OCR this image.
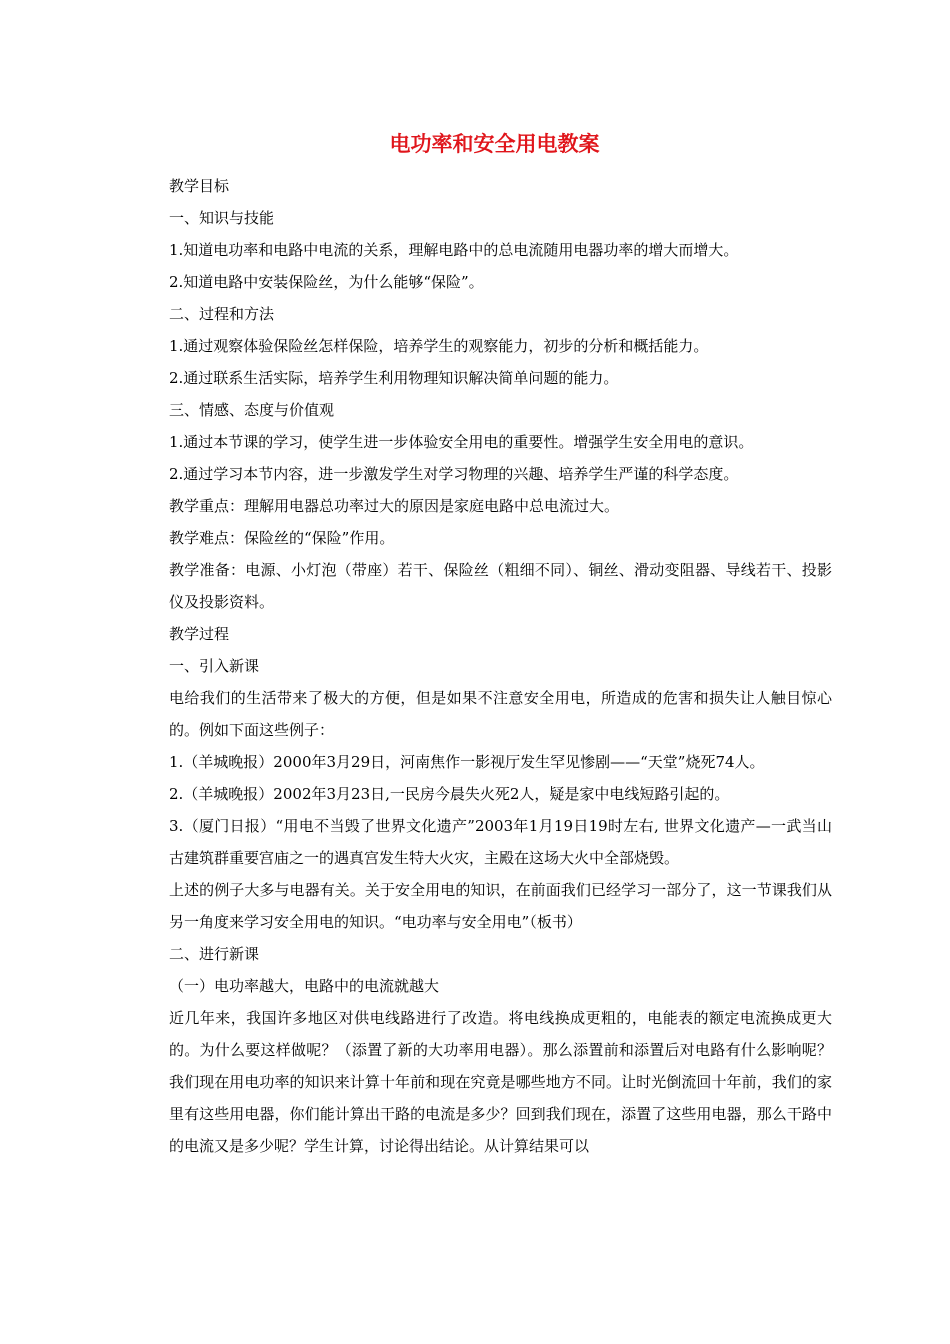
电功率和安全用电教案

教学目标

一、知识与技能

1.知道电功率和电路中电流的关系，理解电路中的总电流随用电器功率的增大而增大。

2.知道电路中安装保险丝，为什么能够“保险”。

二、过程和方法

1.通过观察体验保险丝怎样保险，培养学生的观察能力，初步的分析和概括能力。

2.通过联系生活实际，培养学生利用物理知识解决简单问题的能力。

三、情感、态度与价值观

1.通过本节课的学习，使学生进一步体验安全用电的重要性。增强学生安全用电的意识。

2.通过学习本节内容，进一步激发学生对学习物理的兴趣、培养学生严谨的科学态度。

教学重点：理解用电器总功率过大的原因是家庭电路中总电流过大。

教学难点：保险丝的“保险”作用。

教学准备：电源、小灯泡（带座）若干、保险丝（粗细不同）、铜丝、滑动变阻器、导线若干、投影仪及投影资料。

教学过程

一、引入新课

电给我们的生活带来了极大的方便，但是如果不注意安全用电，所造成的危害和损失让人触目惊心的。例如下面这些例子：

1.（羊城晚报）2000年3月29日，河南焦作一影视厅发生罕见惨剧——“天堂”烧死74人。

2.（羊城晚报）2002年3月23日,一民房今晨失火死2人，疑是家中电线短路引起的。

3.（厦门日报）“用电不当毁了世界文化遗产”2003年1月19日19时左右, 世界文化遗产—一武当山古建筑群重要宫庙之一的遇真宫发生特大火灾，主殿在这场大火中全部烧毁。

上述的例子大多与电器有关。关于安全用电的知识，在前面我们已经学习一部分了，这一节课我们从另一角度来学习安全用电的知识。“电功率与安全用电”（板书）

二、进行新课

（一）电功率越大，电路中的电流就越大

近几年来，我国许多地区对供电线路进行了改造。将电线换成更粗的，电能表的额定电流换成更大的。为什么要这样做呢？（添置了新的大功率用电器）。那么添置前和添置后对电路有什么影响呢？我们现在用电功率的知识来计算十年前和现在究竟是哪些地方不同。让时光倒流回十年前，我们的家里有这些用电器，你们能计算出干路的电流是多少？回到我们现在，添置了这些用电器，那么干路中的电流又是多少呢？学生计算，讨论得出结论。从计算结果可以
